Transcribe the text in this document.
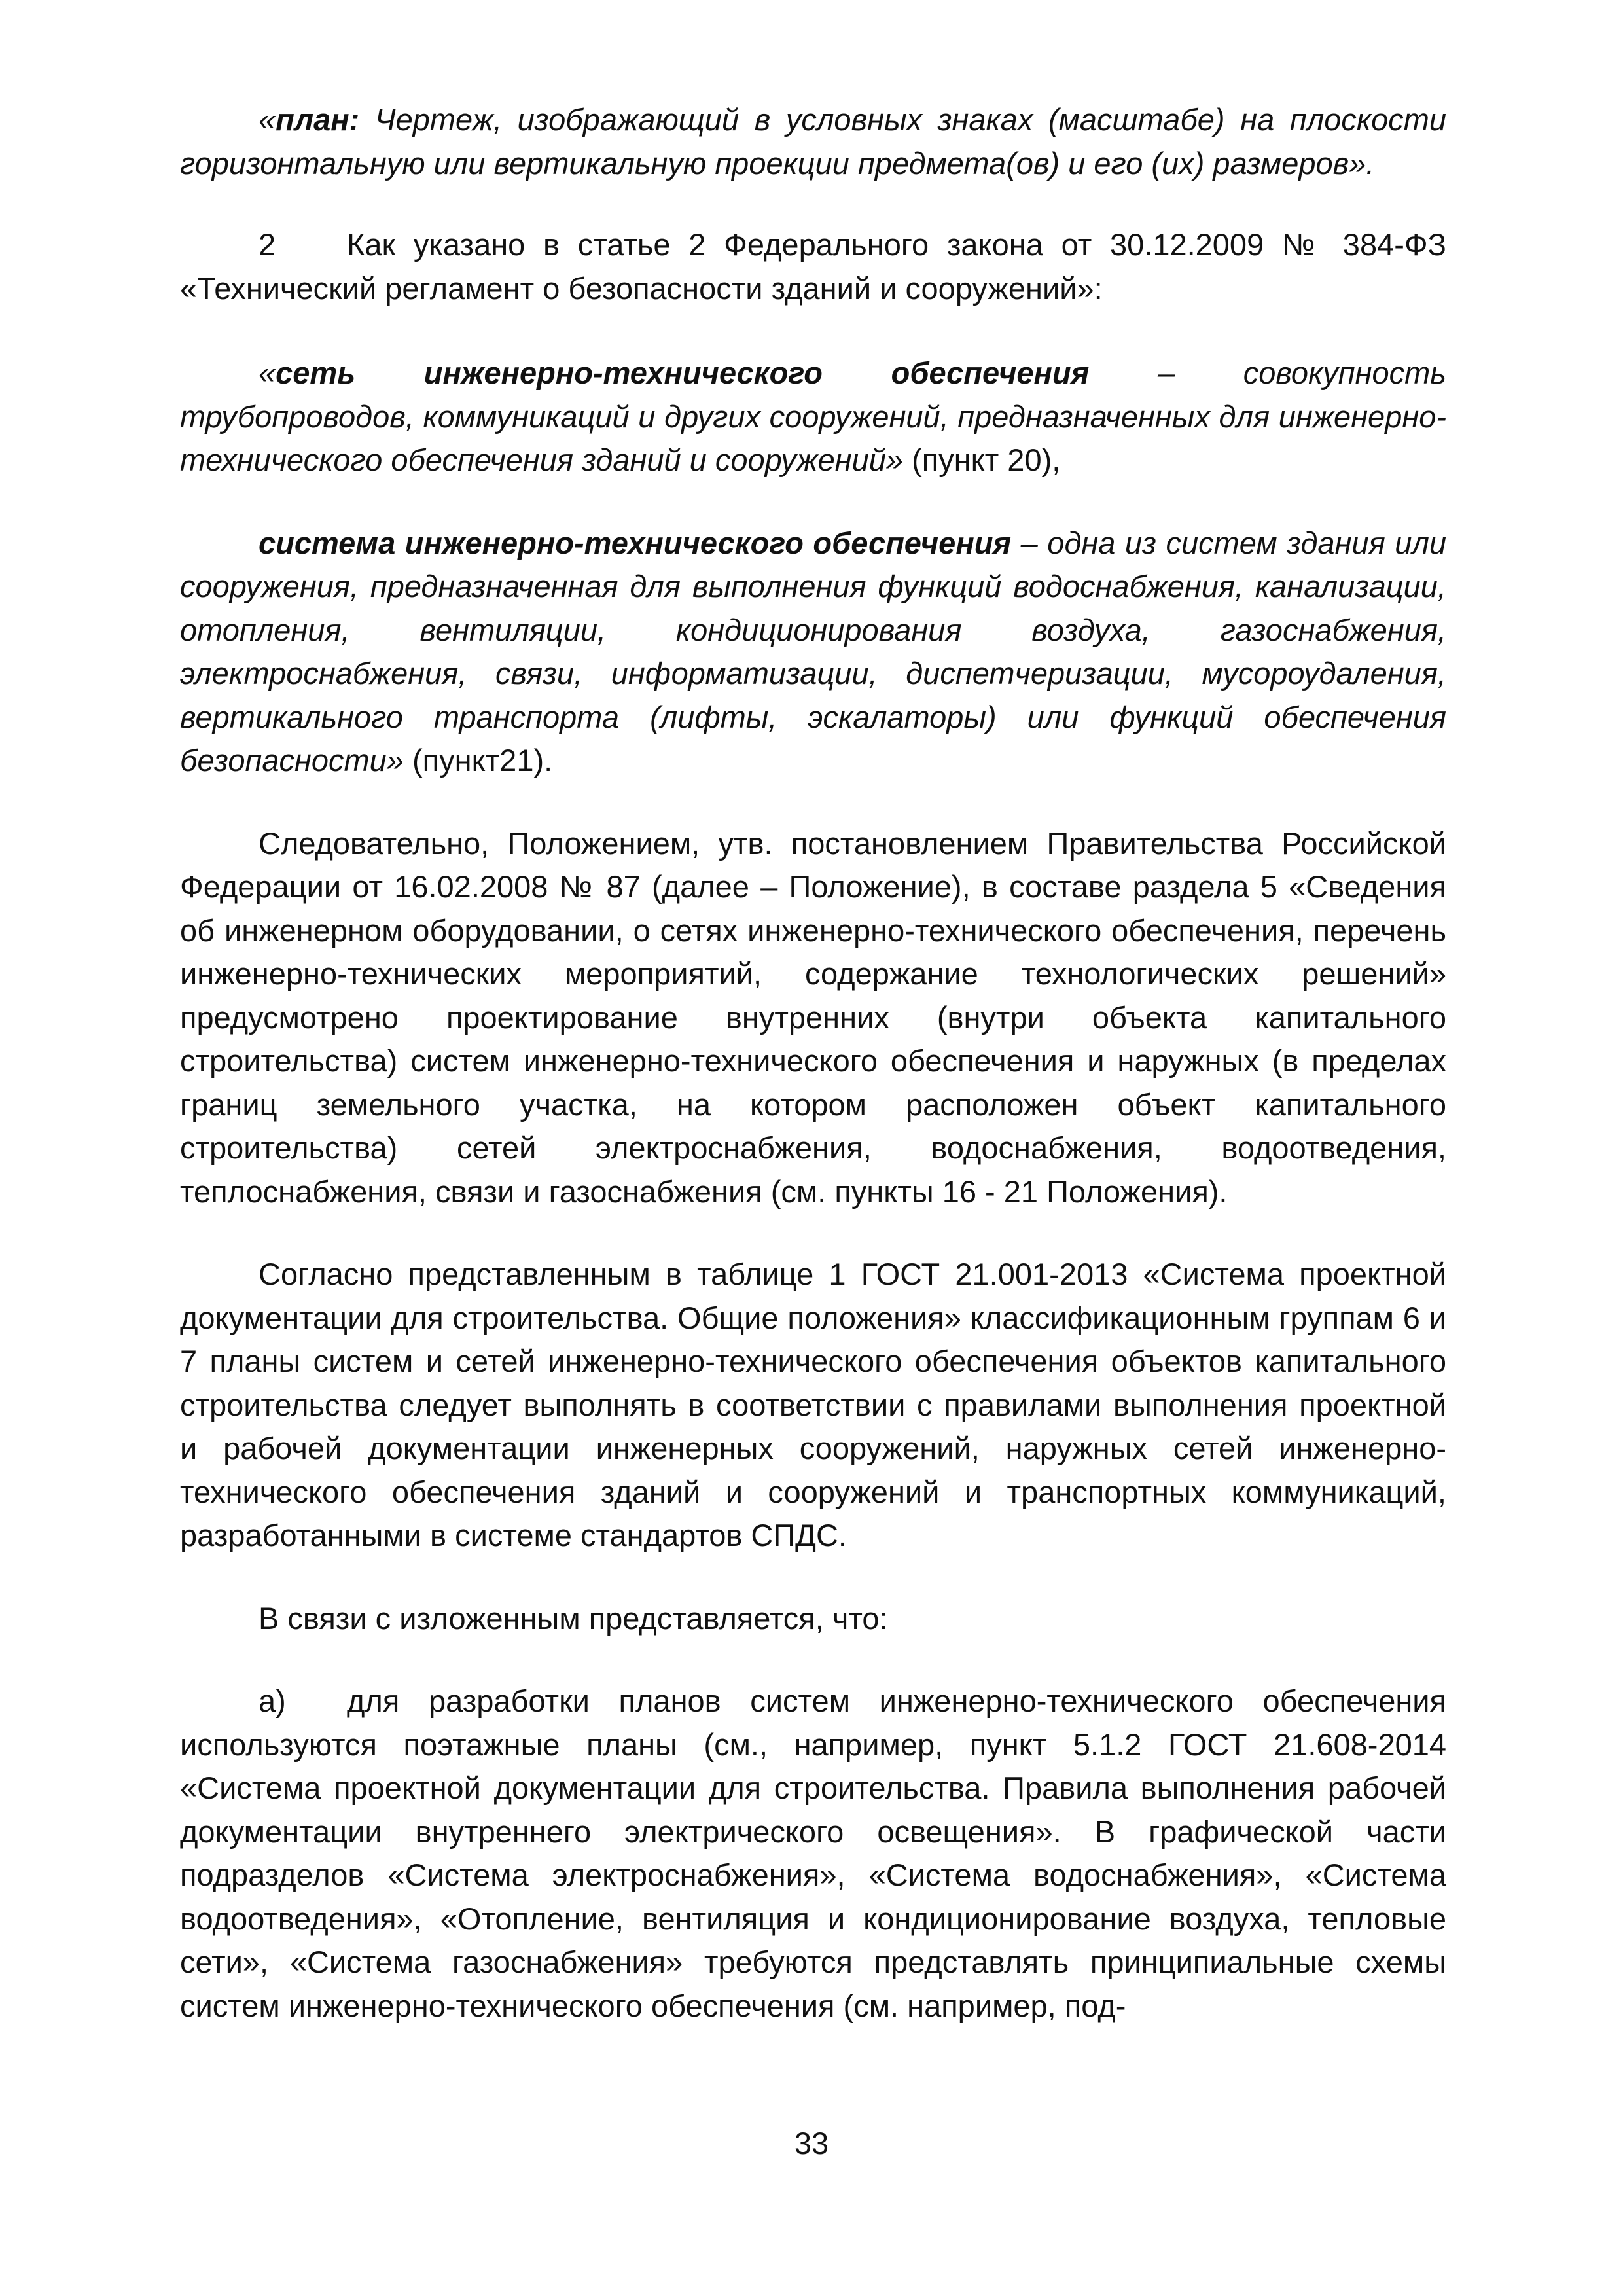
«план: Чертеж, изображающий в условных знаках (масштабе) на плоскости горизонтальную или вертикальную проекции предмета(ов) и его (их) размеров».

2 Как указано в статье 2 Федерального закона от 30.12.2009 № 384-ФЗ «Технический регламент о безопасности зданий и сооружений»:

«сеть инженерно-технического обеспечения – совокупность трубопроводов, коммуникаций и других сооружений, предназначенных для инженерно-технического обеспечения зданий и сооружений» (пункт 20),

система инженерно-технического обеспечения – одна из систем здания или сооружения, предназначенная для выполнения функций водоснабжения, канализации, отопления, вентиляции, кондиционирования воздуха, газоснабжения, электроснабжения, связи, информатизации, диспетчеризации, мусороудаления, вертикального транспорта (лифты, эскалаторы) или функций обеспечения безопасности» (пункт21).

Следовательно, Положением, утв. постановлением Правительства Российской Федерации от 16.02.2008 № 87 (далее – Положение), в составе раздела 5 «Сведения об инженерном оборудовании, о сетях инженерно-технического обеспечения, перечень инженерно-технических мероприятий, содержание технологических решений» предусмотрено проектирование внутренних (внутри объекта капитального строительства) систем инженерно-технического обеспечения и наружных (в пределах границ земельного участка, на котором расположен объект капитального строительства) сетей электроснабжения, водоснабжения, водоотведения, теплоснабжения, связи и газоснабжения (см. пункты 16 - 21 Положения).

Согласно представленным в таблице 1 ГОСТ 21.001-2013 «Система проектной документации для строительства. Общие положения» классификационным группам 6 и 7 планы систем и сетей инженерно-технического обеспечения объектов капитального строительства следует выполнять в соответствии с правилами выполнения проектной и рабочей документации инженерных сооружений, наружных сетей инженерно-технического обеспечения зданий и сооружений и транспортных коммуникаций, разработанными в системе стандартов СПДС.

В связи с изложенным представляется, что:

а) для разработки планов систем инженерно-технического обеспечения используются поэтажные планы (см., например, пункт 5.1.2 ГОСТ 21.608-2014 «Система проектной документации для строительства. Правила выполнения рабочей документации внутреннего электрического освещения». В графической части подразделов «Система электроснабжения», «Система водоснабжения», «Система водоотведения», «Отопление, вентиляция и кондиционирование воздуха, тепловые сети», «Система газоснабжения» требуются представлять принципиальные схемы систем инженерно-технического обеспечения (см. например, под-

33
